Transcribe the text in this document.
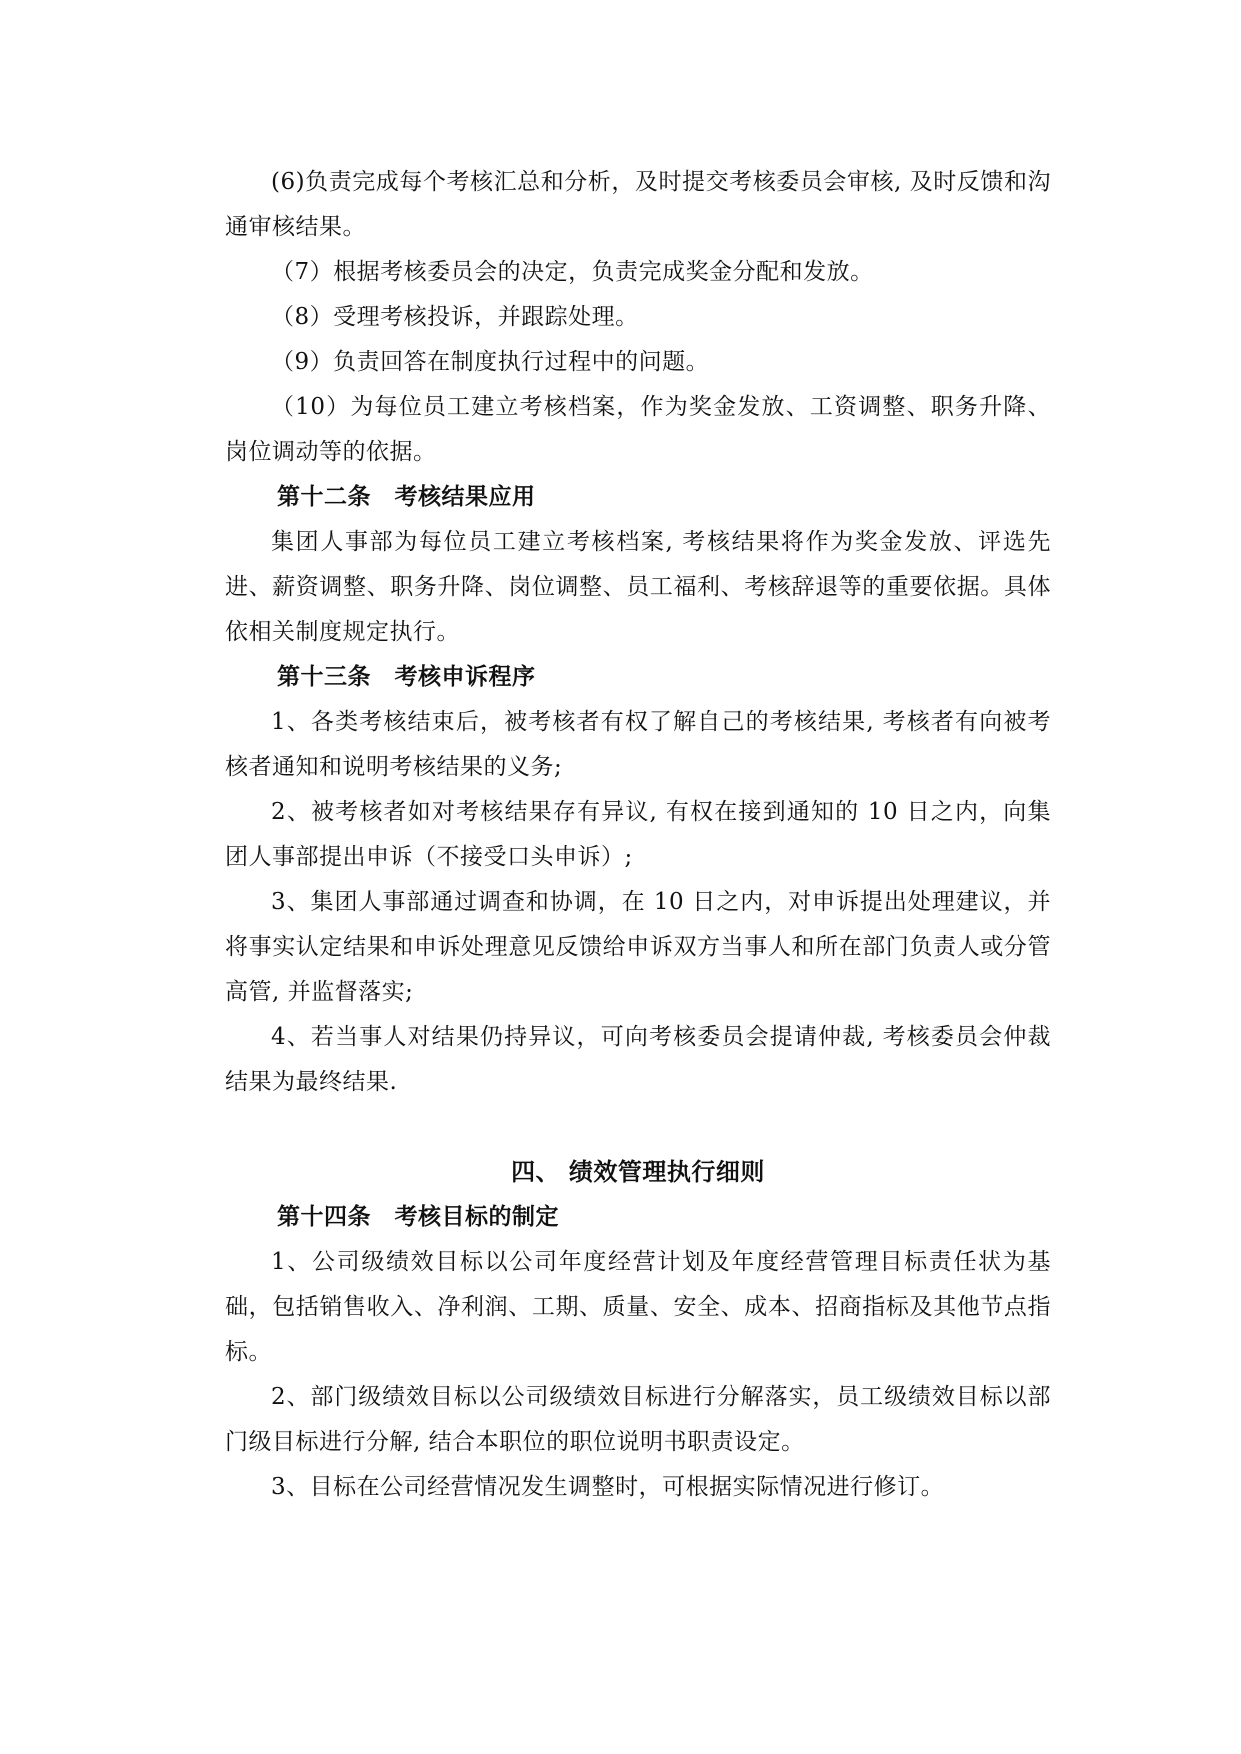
(6)负责完成每个考核汇总和分析，及时提交考核委员会审核, 及时反馈和沟通审核结果。

（7）根据考核委员会的决定，负责完成奖金分配和发放。

（8）受理考核投诉，并跟踪处理。

（9）负责回答在制度执行过程中的问题。

（10）为每位员工建立考核档案，作为奖金发放、工资调整、职务升降、岗位调动等的依据。

第十二条　考核结果应用

集团人事部为每位员工建立考核档案, 考核结果将作为奖金发放、评选先进、薪资调整、职务升降、岗位调整、员工福利、考核辞退等的重要依据。具体依相关制度规定执行。

第十三条　考核申诉程序

1、各类考核结束后，被考核者有权了解自己的考核结果, 考核者有向被考核者通知和说明考核结果的义务;

2、被考核者如对考核结果存有异议, 有权在接到通知的 10 日之内，向集团人事部提出申诉（不接受口头申诉）;

3、集团人事部通过调查和协调，在 10 日之内，对申诉提出处理建议，并将事实认定结果和申诉处理意见反馈给申诉双方当事人和所在部门负责人或分管高管, 并监督落实;

4、若当事人对结果仍持异议，可向考核委员会提请仲裁, 考核委员会仲裁结果为最终结果.

四、 绩效管理执行细则

第十四条　考核目标的制定

1、公司级绩效目标以公司年度经营计划及年度经营管理目标责任状为基础，包括销售收入、净利润、工期、质量、安全、成本、招商指标及其他节点指标。

2、部门级绩效目标以公司级绩效目标进行分解落实，员工级绩效目标以部门级目标进行分解, 结合本职位的职位说明书职责设定。

3、目标在公司经营情况发生调整时，可根据实际情况进行修订。
